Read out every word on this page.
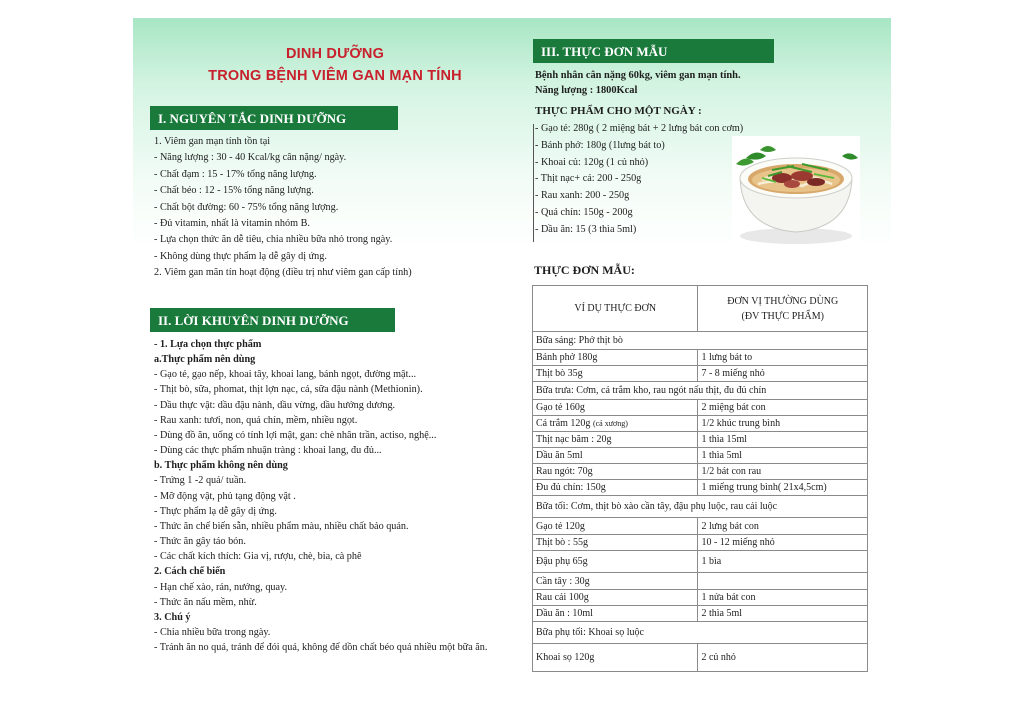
DINH DƯỠNG
TRONG BỆNH VIÊM GAN MẠN TÍNH
I. NGUYÊN TẮC DINH DƯỠNG
1. Viêm gan mạn tính tồn tại
- Năng lượng : 30 - 40 Kcal/kg cân nặng/ ngày.
- Chất đạm : 15 - 17% tổng năng lượng.
- Chất béo : 12 - 15% tổng năng lượng.
- Chất bột đường: 60 - 75% tổng năng lượng.
- Đủ vitamin, nhất là vitamin nhóm B.
- Lựa chọn thức ăn dễ tiêu, chia nhiều bữa nhỏ trong ngày.
- Không dùng thực phẩm lạ dễ gây dị ứng.
2. Viêm gan mãn tín hoạt động (điều trị như viêm gan cấp tính)
II. LỜI KHUYÊN DINH DƯỠNG
- 1. Lựa chọn thực phẩm
a.Thực phẩm nên dùng
- Gạo tẻ, gạo nếp, khoai tây, khoai lang, bánh ngọt, đường mật...
- Thịt bò, sữa, phomat, thịt lợn nạc, cá, sữa đậu nành (Methionin).
- Dầu thực vật: dầu đậu nành, dầu vừng, dầu hướng dương.
- Rau xanh: tươi, non, quả chín, mềm, nhiều ngọt.
- Dùng đồ ăn, uống có tính lợi mật, gan: chè nhân trần, actiso, nghệ...
- Dùng các thực phẩm nhuận tràng : khoai lang, đu đủ...
b. Thực phẩm không nên dùng
- Trứng 1 -2 quả/ tuần.
- Mỡ động vật, phủ tạng động vật .
- Thực phẩm lạ dễ gây dị ứng.
- Thức ăn chế biến sẵn, nhiều phẩm màu, nhiều chất bảo quản.
- Thức ăn gây táo bón.
- Các chất kích thích: Gia vị, rượu, chè, bia, cà phê
2. Cách chế biến
- Hạn chế xào, rán, nướng, quay.
- Thức ăn nấu mềm, nhừ.
3. Chú ý
- Chia nhiều bữa trong ngày.
- Tránh ăn no quá, tránh để đói quá, không để dồn chất béo quá nhiều một bữa ăn.
III. THỰC ĐƠN MẪU
Bệnh nhân cân nặng 60kg, viêm gan mạn tính.
Năng lượng : 1800Kcal
THỰC PHẨM CHO MỘT NGÀY :
- Gạo tẻ: 280g ( 2 miệng bát + 2 lưng bát con cơm)
- Bánh phở: 180g (1lưng bát to)
- Khoai củ: 120g (1 củ nhỏ)
- Thịt nạc+ cá: 200 - 250g
- Rau xanh: 200 - 250g
- Quả chín: 150g - 200g
- Dầu ăn: 15 (3 thìa 5ml)
THỰC ĐƠN MẪU:
VÍ DỤ THỰC ĐƠN	ĐƠN VỊ THƯỜNG DÙNG
(ĐV THỰC PHẨM)

Bữa sáng: Phở thịt bò	
Bánh phở 180g	1 lưng bát to
Thịt bò 35g	7 - 8 miếng nhỏ
Bữa trưa: Cơm, cá trắm kho, rau ngót nấu thịt, đu đủ chín	
Gạo tẻ 160g	2 miệng bát con
Cá trắm 120g (cả xương)	1/2 khúc trung bình
Thịt nạc băm : 20g	1 thìa 15ml
Dầu ăn 5ml	1 thìa 5ml
Rau ngót: 70g	1/2 bát con rau
Đu đủ chín: 150g	1 miếng trung bình( 21x4,5cm)
Bữa tối: Cơm, thịt bò xào cần tây, đậu phụ luộc, rau cải luộc	
Gạo tẻ 120g	2 lưng bát con
Thịt bò : 55g	10 - 12 miếng nhỏ
Đậu phụ 65g	1 bìa
Cần tây : 30g	
Rau cải 100g	1 nửa bát con
Dầu ăn : 10ml	2 thìa 5ml
Bữa phụ tối: Khoai sọ luộc	
Khoai sọ 120g	2 củ nhỏ
